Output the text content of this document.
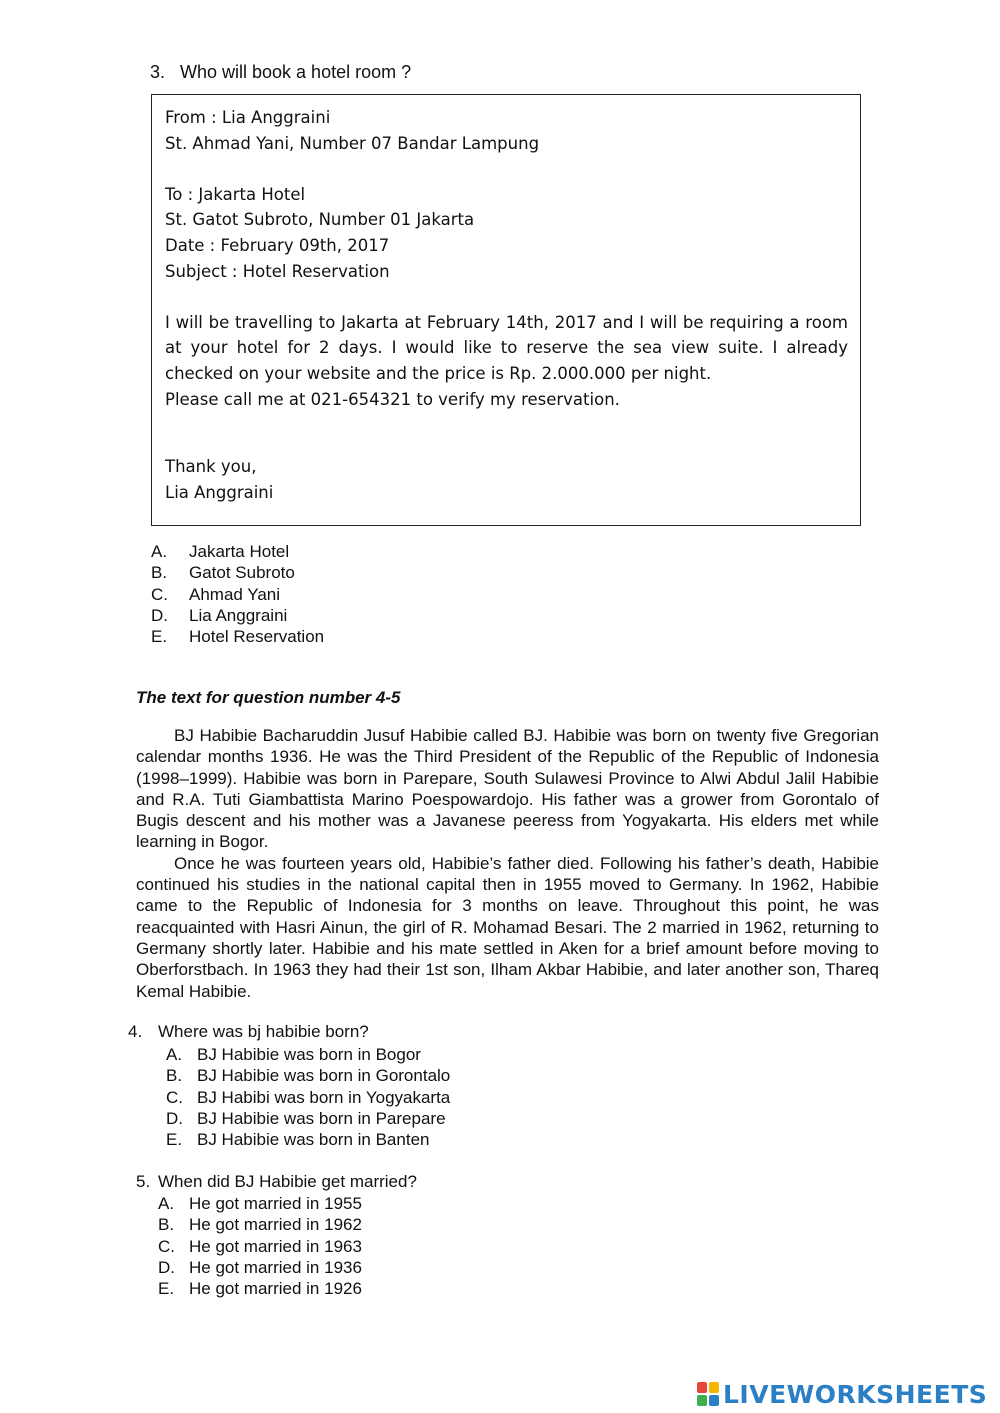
3. Who will book a hotel room ?
From : Lia Anggraini
St. Ahmad Yani, Number 07 Bandar Lampung
To : Jakarta Hotel
St. Gatot Subroto, Number 01 Jakarta
Date : February 09th, 2017
Subject : Hotel Reservation
I will be travelling to Jakarta at February 14th, 2017 and I will be requiring a room at your hotel for 2 days. I would like to reserve the sea view suite. I already checked on your website and the price is Rp. 2.000.000 per night.
Please call me at 021-654321 to verify my reservation.
Thank you,
Lia Anggraini
A. Jakarta Hotel
B. Gatot Subroto
C. Ahmad Yani
D. Lia Anggraini
E. Hotel Reservation
The text for question number 4-5

BJ Habibie Bacharuddin Jusuf Habibie called BJ. Habibie was born on twenty five Gregorian calendar months 1936. He was the Third President of the Republic of the Republic of Indonesia (1998–1999). Habibie was born in Parepare, South Sulawesi Province to Alwi Abdul Jalil Habibie and R.A. Tuti Giambattista Marino Poespowardojo. His father was a grower from Gorontalo of Bugis descent and his mother was a Javanese peeress from Yogyakarta. His elders met while learning in Bogor.

Once he was fourteen years old, Habibie’s father died. Following his father’s death, Habibie continued his studies in the national capital then in 1955 moved to Germany. In 1962, Habibie came to the Republic of Indonesia for 3 months on leave. Throughout this point, he was reacquainted with Hasri Ainun, the girl of R. Mohamad Besari. The 2 married in 1962, returning to Germany shortly later. Habibie and his mate settled in Aken for a brief amount before moving to Oberforstbach. In 1963 they had their 1st son, Ilham Akbar Habibie, and later another son, Thareq Kemal Habibie.

4. Where was bj habibie born?
A. BJ Habibie was born in Bogor
B. BJ Habibie was born in Gorontalo
C. BJ Habibi was born in Yogyakarta
D. BJ Habibie was born in Parepare
E. BJ Habibie was born in Banten
5. When did BJ Habibie get married?
A. He got married in 1955
B. He got married in 1962
C. He got married in 1963
D. He got married in 1936
E. He got married in 1926
LIVEWORKSHEETS
